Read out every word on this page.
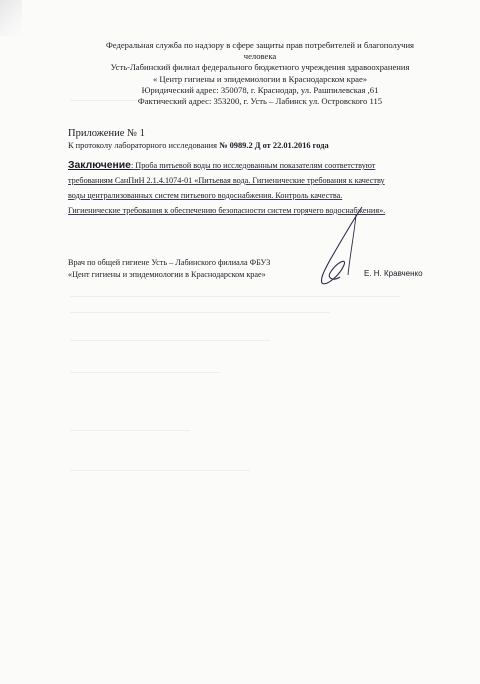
Федеральная служба по надзору в сфере защиты прав потребителей и благополучия
человека
Усть-Лабинский филиал федерального бюджетного учреждения здравоохранения
« Центр гигиены и эпидемиологии в Краснодарском крае»
Юридический адрес: 350078, г. Краснодар, ул. Рашпилевская ,61
Фактический адрес: 353200, г. Усть – Лабинск ул. Островского 115
Приложение № 1
К протоколу лабораторного исследования № 0989.2 Д от 22.01.2016 года
Заключение: Проба питьевой воды по исследованным показателям соответствуют
требованиям СанПиН 2.1.4.1074-01 «Питьевая вода. Гигиенические требования к качеству
воды централизованных систем питьевого водоснабжения. Контроль качества.
Гигиенические требования к обеспечению безопасности систем горячего водоснабжения».
Врач по общей гигиене Усть – Лабинского филиала ФБУЗ
«Цент гигиены и эпидемиологии в Краснодарском крае»	Е. Н. Кравченко
